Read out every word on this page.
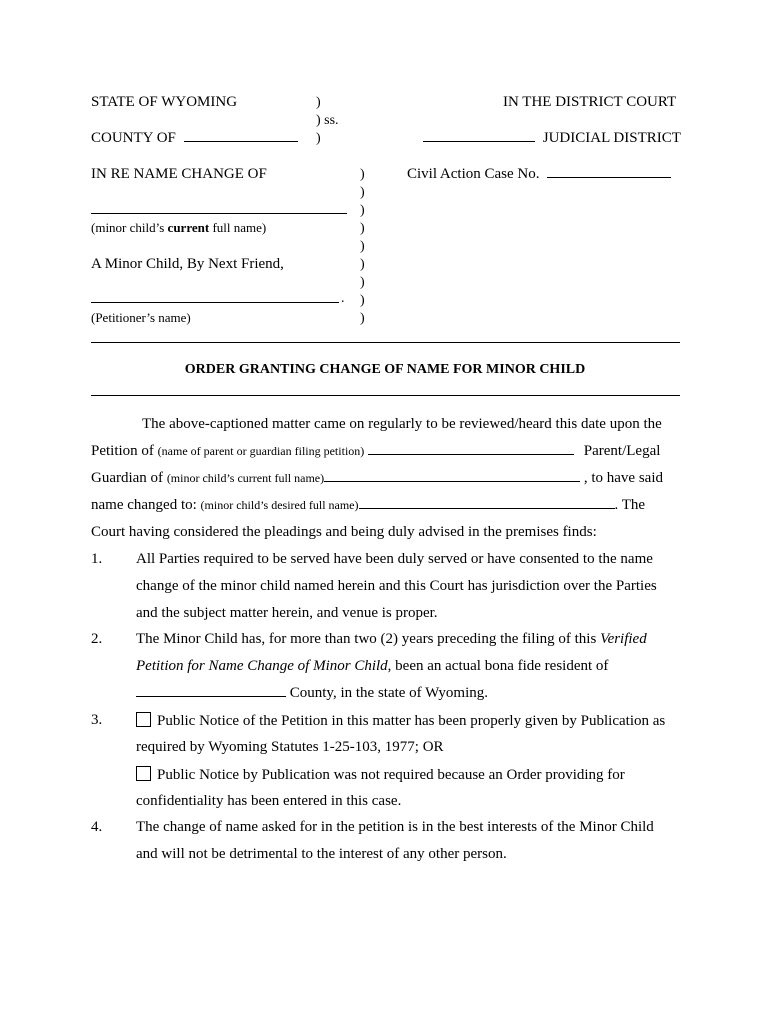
STATE OF WYOMING	)	IN THE DISTRICT COURT
) ss.
COUNTY OF	)	JUDICIAL DISTRICT
IN RE NAME CHANGE OF	Civil Action Case No.
)
)
)
)
)
)
)
)
)
(minor child’s current full name)
A Minor Child, By Next Friend,
.
(Petitioner’s name)
ORDER GRANTING CHANGE OF NAME FOR MINOR CHILD
The above-captioned matter came on regularly to be reviewed/heard this date upon the
Petition of (name of parent or guardian filing petition)	Parent/Legal
Guardian of (minor child’s current full name)	, to have said
name changed to: (minor child’s desired full name)	. The
Court having considered the pleadings and being duly advised in the premises finds:
1. All Parties required to be served have been duly served or have consented to the name
change of the minor child named herein and this Court has jurisdiction over the Parties
and the subject matter herein, and venue is proper.
2. The Minor Child has, for more than two (2) years preceding the filing of this Verified
Petition for Name Change of Minor Child, been an actual bona fide resident of
County, in the state of Wyoming.
3.	Public Notice of the Petition in this matter has been properly given by Publication as
required by Wyoming Statutes 1-25-103, 1977; OR
Public Notice by Publication was not required because an Order providing for
confidentiality has been entered in this case.
4. The change of name asked for in the petition is in the best interests of the Minor Child
and will not be detrimental to the interest of any other person.
